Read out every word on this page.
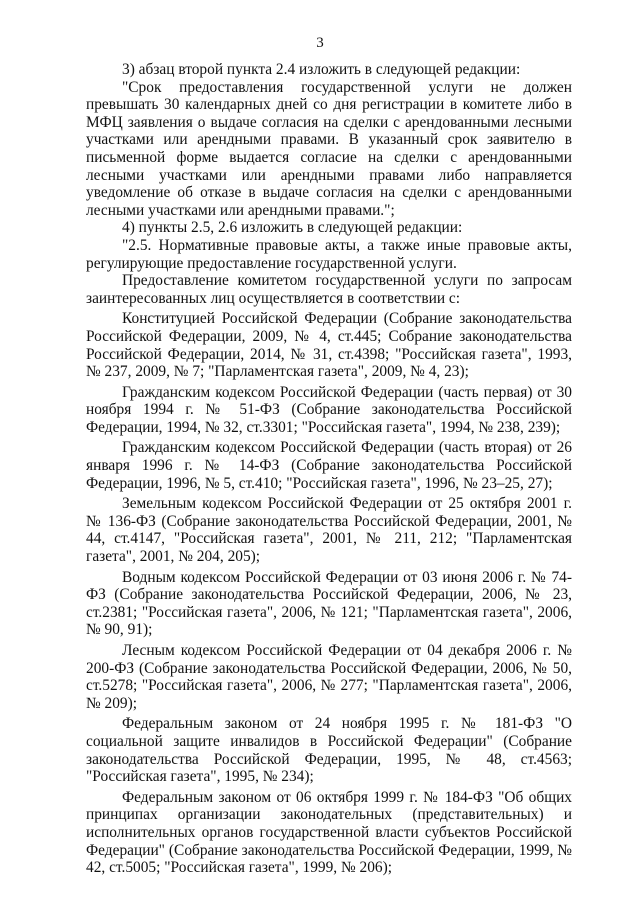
3

3) абзац второй пункта 2.4 изложить в следующей редакции:

"Срок предоставления государственной услуги не должен превышать 30 календарных дней со дня регистрации в комитете либо в МФЦ заявления о выдаче согласия на сделки с арендованными лесными участками или арендными правами. В указанный срок заявителю в письменной форме выдается согласие на сделки с арендованными лесными участками или арендными правами либо направляется уведомление об отказе в выдаче согласия на сделки с арендованными лесными участками или арендными правами.";

4) пункты 2.5, 2.6 изложить в следующей редакции:

"2.5. Нормативные правовые акты, а также иные правовые акты, регулирующие предоставление государственной услуги.

Предоставление комитетом государственной услуги по запросам заинтересованных лиц осуществляется в соответствии с:

Конституцией Российской Федерации (Собрание законодательства Российской Федерации, 2009, № 4, ст.445; Собрание законодательства Российской Федерации, 2014, № 31, ст.4398; "Российская газета", 1993, № 237, 2009, № 7; "Парламентская газета", 2009, № 4, 23);

Гражданским кодексом Российской Федерации (часть первая) от 30 ноября 1994 г. № 51-ФЗ (Собрание законодательства Российской Федерации, 1994, № 32, ст.3301; "Российская газета", 1994, № 238, 239);

Гражданским кодексом Российской Федерации (часть вторая) от 26 января 1996 г. № 14-ФЗ (Собрание законодательства Российской Федерации, 1996, № 5, ст.410; "Российская газета", 1996, № 23–25, 27);

Земельным кодексом Российской Федерации от 25 октября 2001 г. № 136-ФЗ (Собрание законодательства Российской Федерации, 2001, № 44, ст.4147, "Российская газета", 2001, № 211, 212; "Парламентская газета", 2001, № 204, 205);

Водным кодексом Российской Федерации от 03 июня 2006 г. № 74-ФЗ (Собрание законодательства Российской Федерации, 2006, № 23, ст.2381; "Российская газета", 2006, № 121; "Парламентская газета", 2006, № 90, 91);

Лесным кодексом Российской Федерации от 04 декабря 2006 г. № 200-ФЗ (Собрание законодательства Российской Федерации, 2006, № 50, ст.5278; "Российская газета", 2006, № 277; "Парламентская газета", 2006, № 209);

Федеральным законом от 24 ноября 1995 г. № 181-ФЗ "О социальной защите инвалидов в Российской Федерации" (Собрание законодательства Российской Федерации, 1995, № 48, ст.4563; "Российская газета", 1995, № 234);

Федеральным законом от 06 октября 1999 г. № 184-ФЗ "Об общих принципах организации законодательных (представительных) и исполнительных органов государственной власти субъектов Российской Федерации" (Собрание законодательства Российской Федерации, 1999, № 42, ст.5005; "Российская газета", 1999, № 206);
